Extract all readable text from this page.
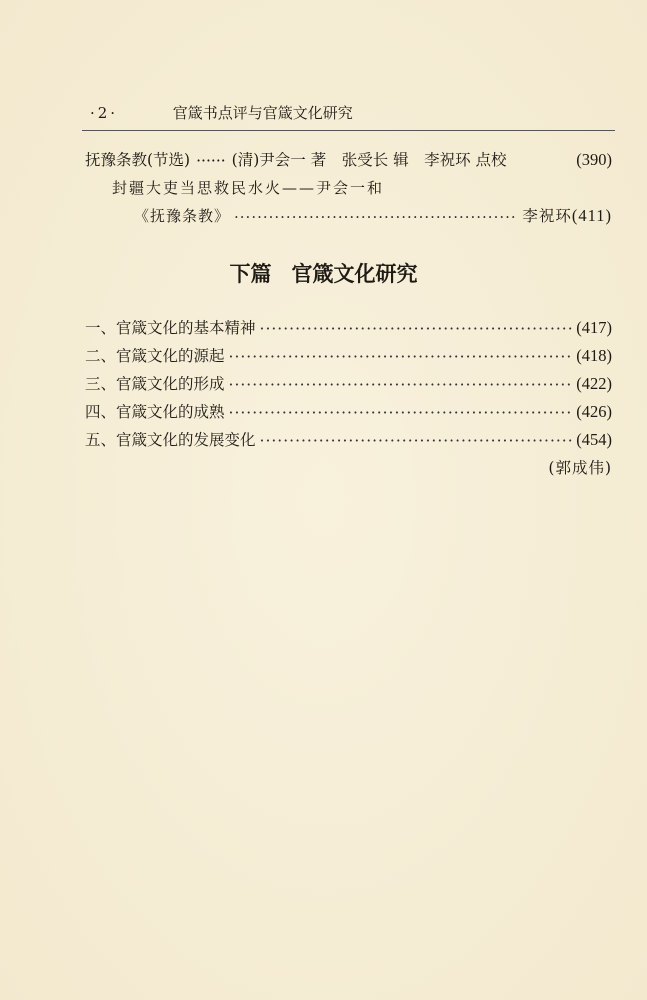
·2·	官箴书点评与官箴文化研究
抚豫条教(节选) ······ (清)尹会一 著　张受长 辑　李祝环 点校	(390)
封疆大吏当思救民水火——尹会一和
《抚豫条教》 ·····	李祝环 (411)
下篇 官箴文化研究
一、官箴文化的基本精神 ·····	(417)
二、官箴文化的源起 ·····	(418)
三、官箴文化的形成 ·····	(422)
四、官箴文化的成熟 ·····	(426)
五、官箴文化的发展变化 ·····	(454)
(郭成伟)
